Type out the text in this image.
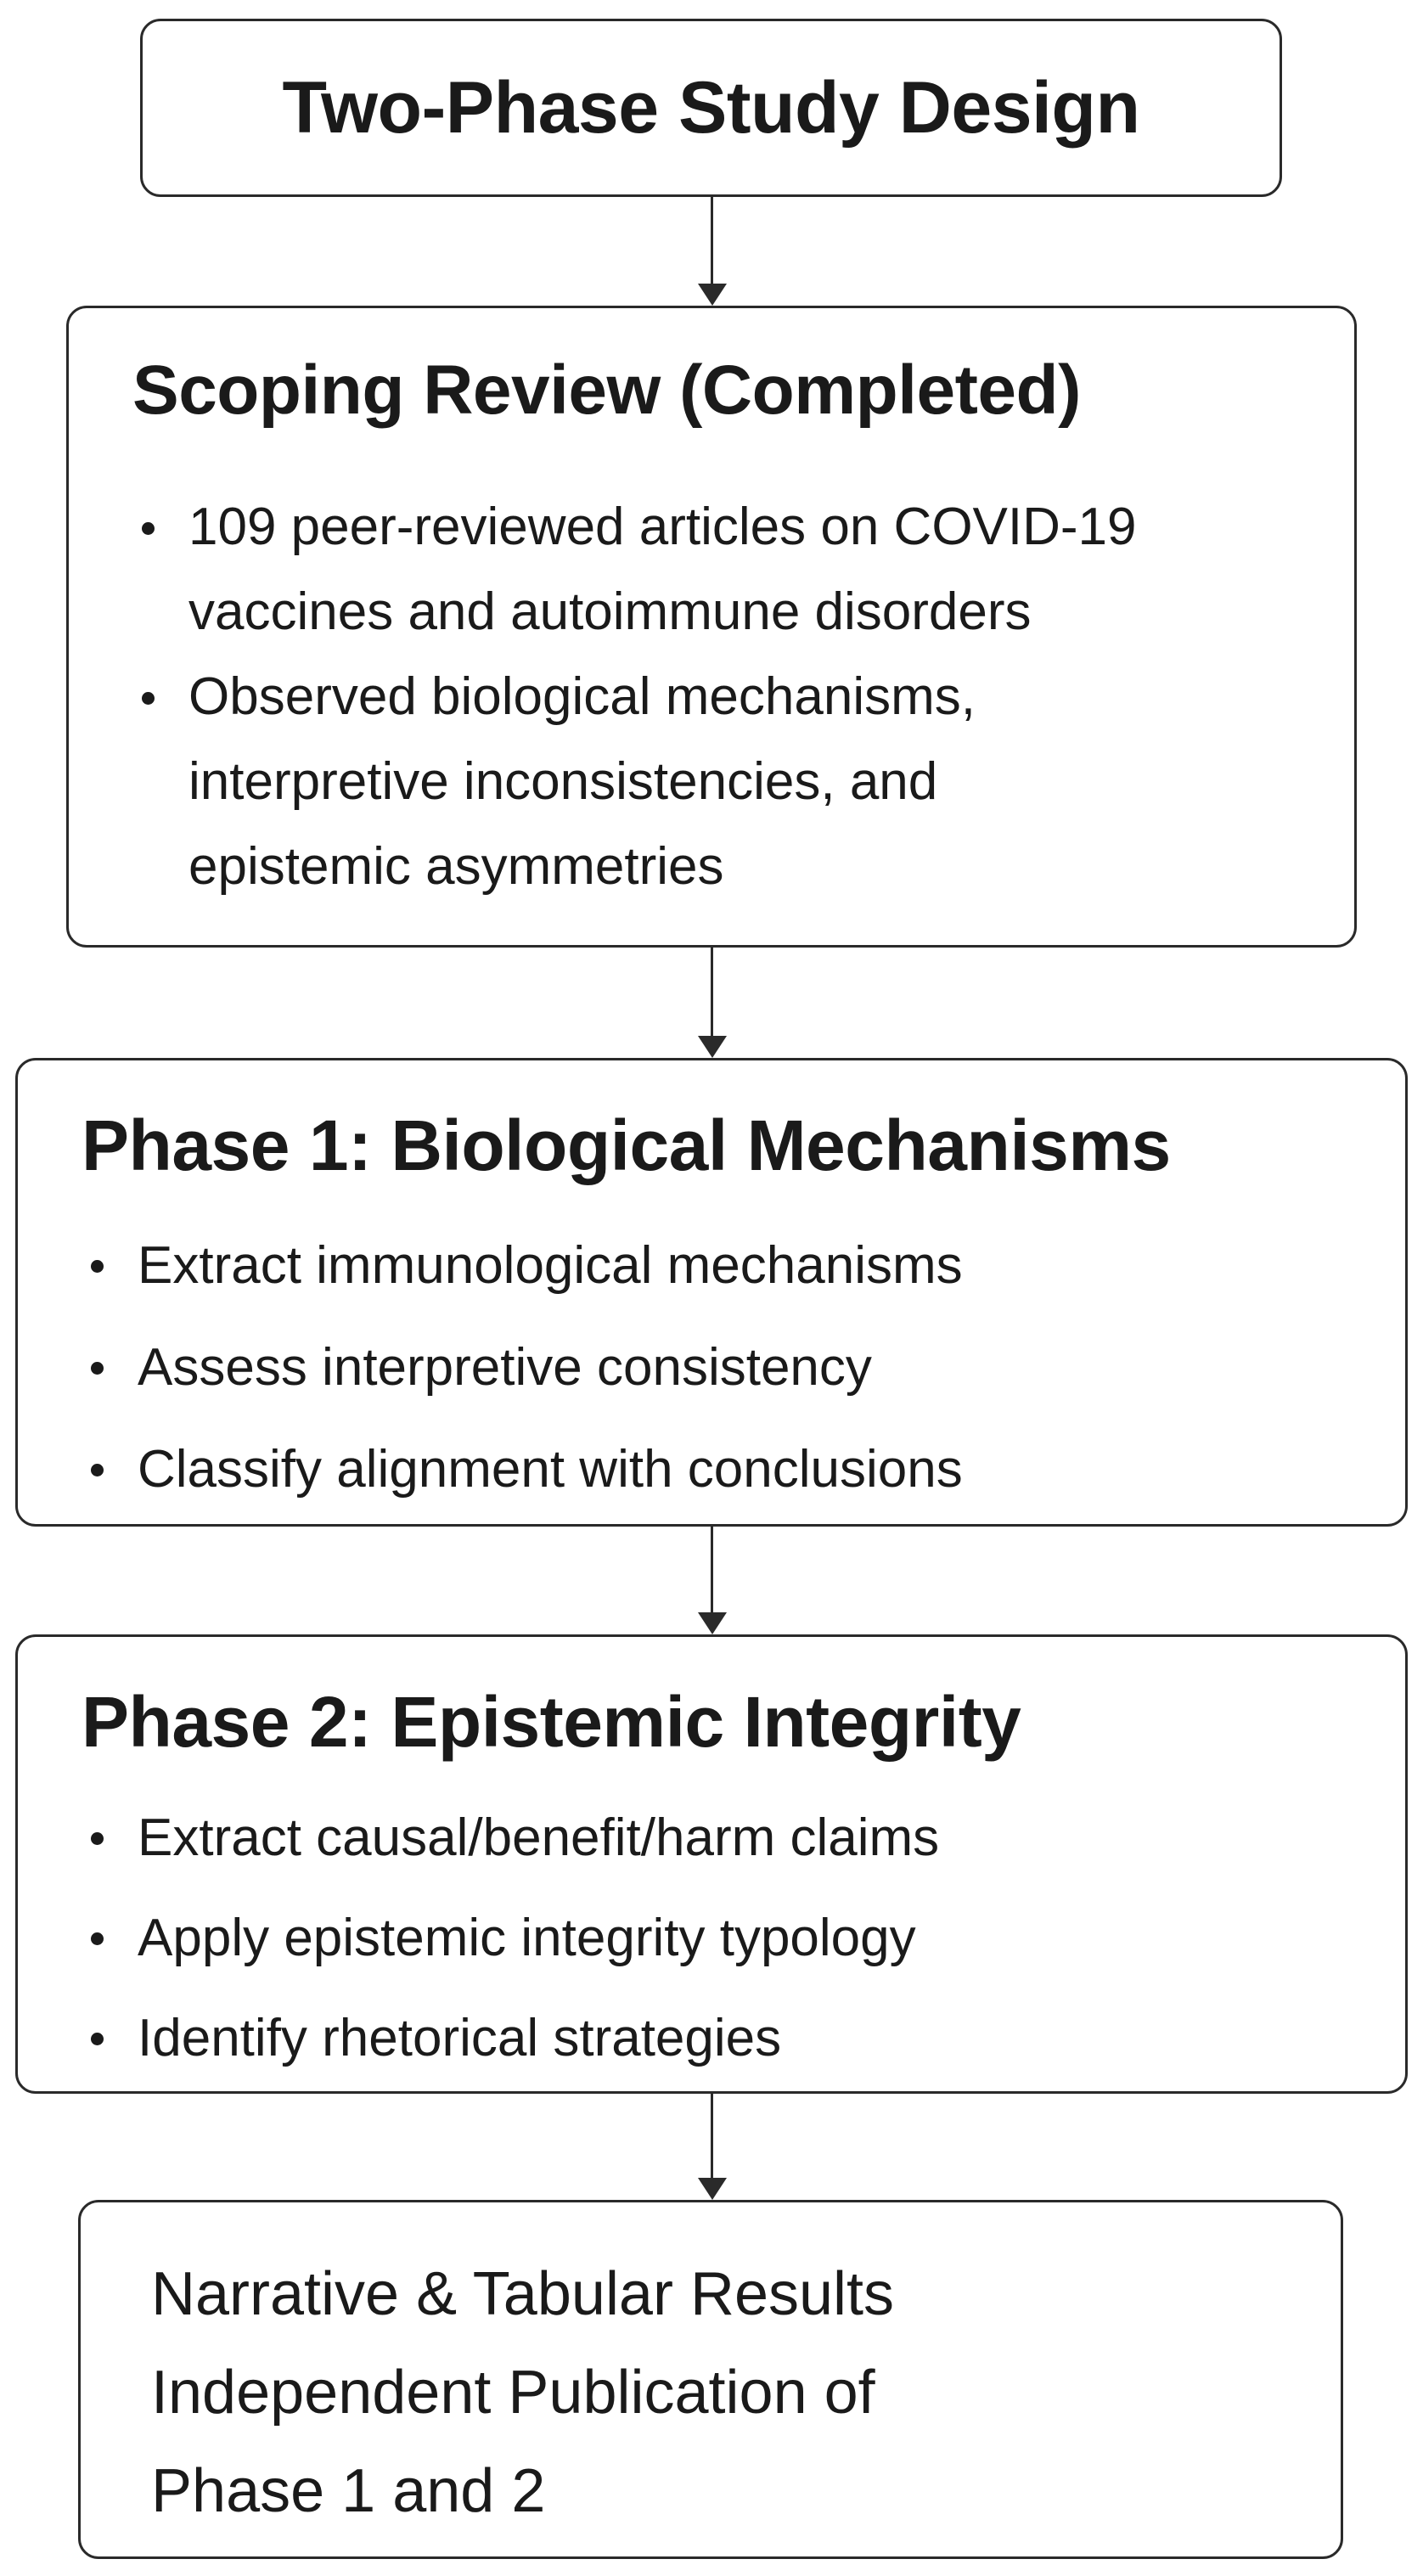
Two-Phase Study Design
Scoping Review (Completed)
109 peer-reviewed articles on COVID-19
vaccines and autoimmune disorders
Observed biological mechanisms,
interpretive inconsistencies, and
epistemic asymmetries
Phase 1: Biological Mechanisms
Extract immunological mechanisms
Assess interpretive consistency
Classify alignment with conclusions
Phase 2: Epistemic Integrity
Extract causal/benefit/harm claims
Apply epistemic integrity typology
Identify rhetorical strategies
Narrative & Tabular Results
Independent Publication of
Phase 1 and 2
